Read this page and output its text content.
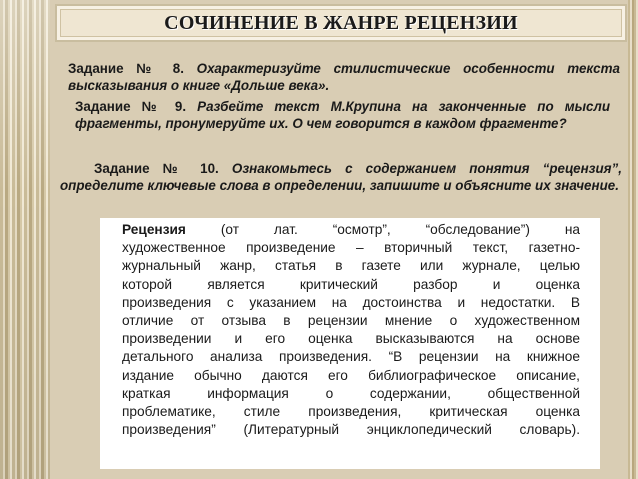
СОЧИНЕНИЕ В ЖАНРЕ РЕЦЕНЗИИ
Задание № 8. Охарактеризуйте стилистические особенности текста высказывания о книге «Дольше века».
Задание № 9. Разбейте текст М.Крупина на законченные по мысли фрагменты, пронумеруйте их. О чем говорится в каждом фрагменте?
Задание № 10. Ознакомьтесь с содержанием понятия “рецензия”, определите ключевые слова в определении, запишите и объясните их значение.

Рецензия (от лат. “осмотр”, “обследование”) на

художественное произведение – вторичный текст, газетно-

журнальный жанр, статья в газете или журнале, целью

которой является критический разбор и оценка

произведения с указанием на достоинства и недостатки. В

отличие от отзыва в рецензии мнение о художественном

произведении и его оценка высказываются на основе

детального анализа произведения. “В рецензии на книжное

издание обычно даются его библиографическое описание,

краткая информация о содержании, общественной

проблематике, стиле произведения, критическая оценка

произведения” (Литературный энциклопедический словарь).
